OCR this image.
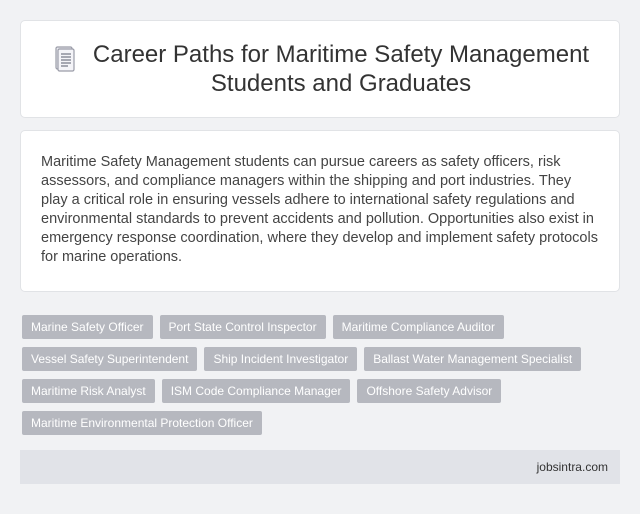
Career Paths for Maritime Safety Management Students and Graduates

Maritime Safety Management students can pursue careers as safety officers, risk assessors, and compliance managers within the shipping and port industries. They play a critical role in ensuring vessels adhere to international safety regulations and environmental standards to prevent accidents and pollution. Opportunities also exist in emergency response coordination, where they develop and implement safety protocols for marine operations.

Marine Safety Officer	Port State Control Inspector	Maritime Compliance Auditor
Vessel Safety Superintendent	Ship Incident Investigator	Ballast Water Management Specialist
Maritime Risk Analyst	ISM Code Compliance Manager	Offshore Safety Advisor
Maritime Environmental Protection Officer
jobsintra.com
